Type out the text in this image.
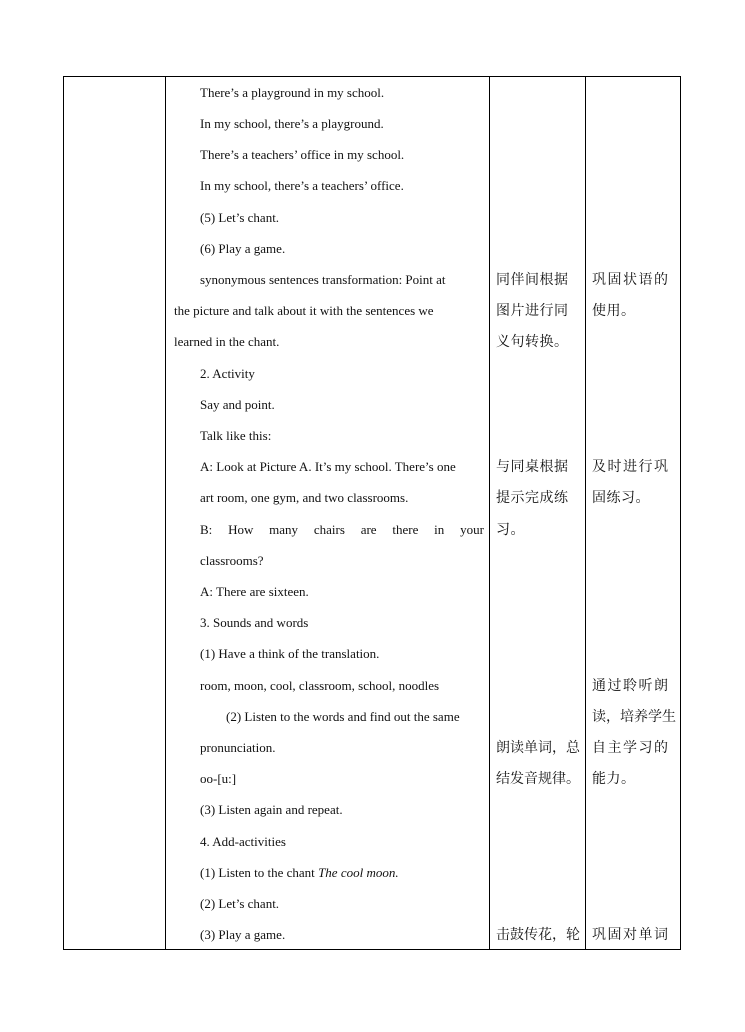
There’s a playground in my school.
In my school, there’s a playground.
There’s a teachers’ office in my school.
In my school, there’s a teachers’ office.
(5) Let’s chant.
(6) Play a game.
synonymous sentences transformation: Point at
the picture and talk about it with the sentences we
learned in the chant.
2. Activity
Say and point.
Talk like this:
A: Look at Picture A. It’s my school. There’s one
art room, one gym, and two classrooms.
B: How many chairs are there in your
classrooms?
A: There are sixteen.
3. Sounds and words
(1) Have a think of the translation.
room, moon, cool, classroom, school, noodles
(2) Listen to the words and find out the same
pronunciation.
oo-[u:]
(3) Listen again and repeat.
4. Add-activities
(1) Listen to the chant The cool moon.
(2) Let’s chant.
(3) Play a game.
同伴间根据
图片进行同
义句转换。
与同桌根据
提示完成练
习。
朗读单词，总
结发音规律。
击鼓传花，轮
巩固状语的
使用。
及时进行巩
固练习。
通过聆听朗
读，培养学生
自主学习的
能力。
巩固对单词
